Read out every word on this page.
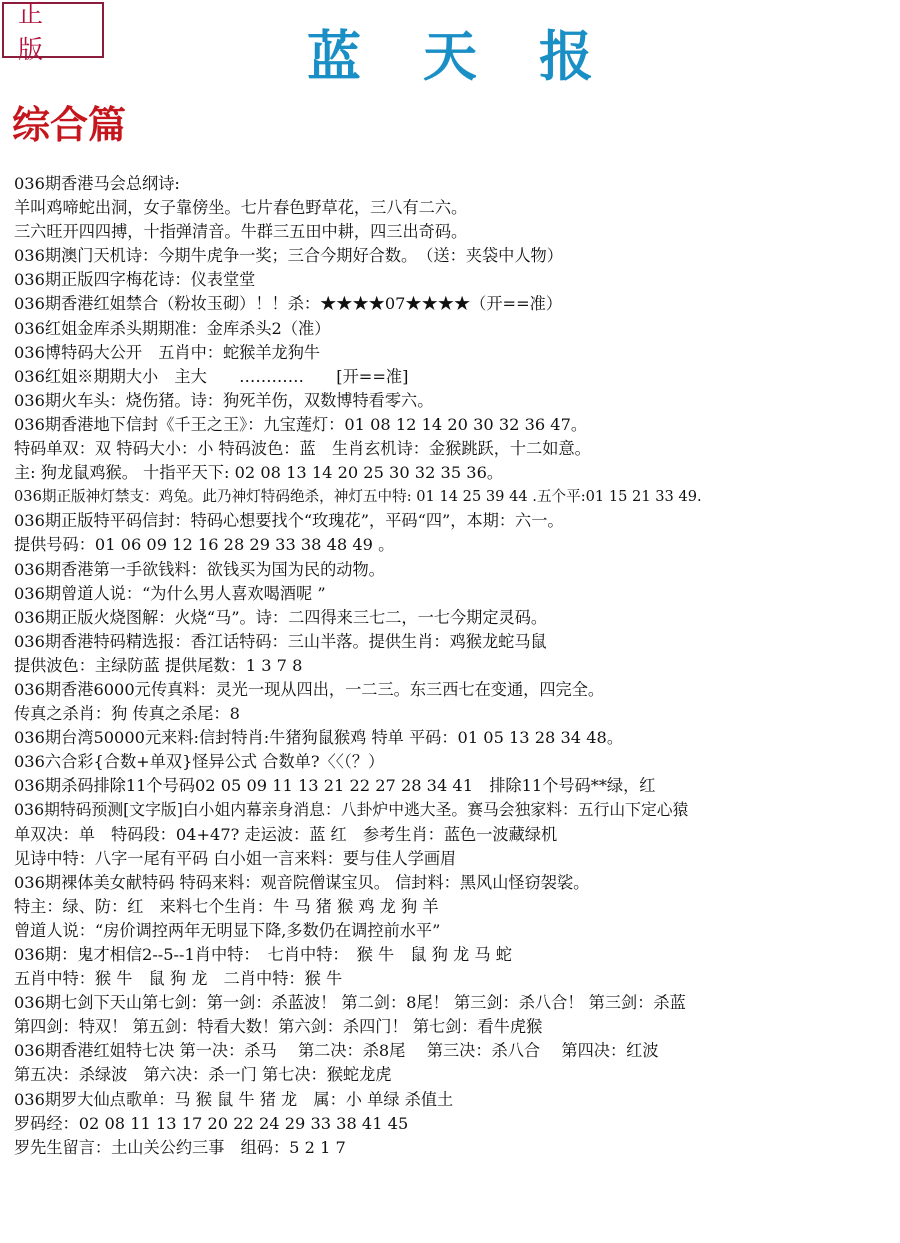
正 版	蓝天报
综合篇
036期香港马会总纲诗:
羊叫鸡啼蛇出洞，女子靠傍坐。七片春色野草花，三八有二六。
三六旺开四四搏，十指弹清音。牛群三五田中耕，四三出奇码。
036期澳门天机诗：今期牛虎争一奖；三合今期好合数。　（送：夹袋中人物）
036期正版四字梅花诗：仪表堂堂
036期香港红姐禁合（粉妆玉砌）！！杀：★★★★07★★★★（开==准）
036红姐金库杀头期期准：金库杀头2（准）
036博特码大公开　五肖中：蛇猴羊龙狗牛
036红姐※期期大小　主大　　…………　　[开==准]
036期火车头：烧伤猪。诗：狗死羊伤，双数博特看零六。
036期香港地下信封《千王之王》：九宝莲灯：01 08 12 14 20 30 32 36 47。
特码单双：双 特码大小：小 特码波色：蓝　生肖玄机诗：金猴跳跃，十二如意。
主: 狗龙鼠鸡猴。 十指平天下: 02 08 13 14 20 25 30 32 35 36。
036期正版神灯禁支：鸡兔。此乃神灯特码绝杀，神灯五中特: 01 14 25 39 44 .五个平:01 15 21 33 49.
036期正版特平码信封：特码心想要找个“玫瑰花”，平码“四”，本期：六一。
提供号码：01 06 09 12 16 28 29 33 38 48 49 。
036期香港第一手欲钱料：欲钱买为国为民的动物。
036期曾道人说：“为什么男人喜欢喝酒呢 ”
036期正版火烧图解：火烧“马”。诗：二四得来三七二，一七今期定灵码。
036期香港特码精选报：香江话特码：三山半落。提供生肖：鸡猴龙蛇马鼠
提供波色：主绿防蓝 提供尾数：1 3 7 8
036期香港6000元传真料：灵光一现从四出，一二三。东三西七在变通，四完全。
传真之杀肖：狗 传真之杀尾：8
036期台湾50000元来料:信封特肖:牛猪狗鼠猴鸡 特单 平码：01 05 13 28 34 48。
036六合彩{合数+单双}怪异公式 合数单?〈〈（？）
036期杀码排除11个号码02 05 09 11 13 21 22 27 28 34 41　排除11个号码**绿，红
036期特码预测[文字版]白小姐内幕亲身消息：八卦炉中逃大圣。赛马会独家料：五行山下定心猿
单双决：单　特码段：04+47? 走运波：蓝 红　参考生肖：蓝色一波藏绿机
见诗中特：八字一尾有平码 白小姐一言来料：要与佳人学画眉
036期裸体美女献特码 特码来料：观音院僧谋宝贝。 信封料：黑风山怪窃袈裟。
特主：绿、防：红　来料七个生肖：牛 马 猪 猴 鸡 龙 狗 羊
曾道人说：“房价调控两年无明显下降,多数仍在调控前水平”
036期：鬼才相信2--5--1肖中特：　七肖中特：　猴 牛　鼠 狗 龙 马 蛇
五肖中特：猴 牛　鼠 狗 龙　二肖中特：猴 牛
036期七剑下天山第七剑：第一剑：杀蓝波！ 第二剑：8尾！ 第三剑：杀八合！ 第三剑：杀蓝
第四剑：特双！ 第五剑：特看大数！第六剑：杀四门！ 第七剑：看牛虎猴
036期香港红姐特七决 第一决：杀马　 第二决：杀8尾　 第三决：杀八合　 第四决：红波
第五决：杀绿波　第六决：杀一门 第七决：猴蛇龙虎
036期罗大仙点歌单：马 猴 鼠 牛 猪 龙　属：小 单绿 杀值土
罗码经：02 08 11 13 17 20 22 24 29 33 38 41 45
罗先生留言：土山关公约三事　组码：5 2 1 7
